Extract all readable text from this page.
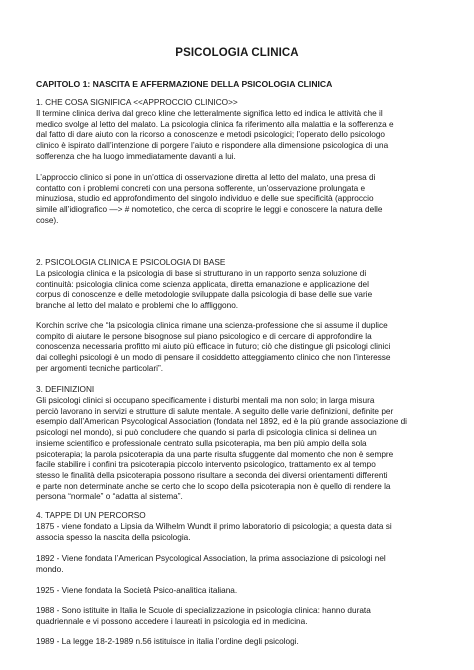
PSICOLOGIA CLINICA
CAPITOLO 1: NASCITA E AFFERMAZIONE DELLA PSICOLOGIA CLINICA
1. CHE COSA SIGNIFICA <<APPROCCIO CLINICO>>
Il termine clinica deriva dal greco kline che letteralmente significa letto ed indica le attività che il
medico svolge al letto del malato. La psicologia clinica fa riferimento alla malattia e la sofferenza e
dal fatto di dare aiuto con la ricorso a conoscenze e metodi psicologici; l’operato dello psicologo
clinico è ispirato dall’intenzione di porgere l’aiuto e rispondere alla dimensione psicologica di una
sofferenza che ha luogo immediatamente davanti a lui.
L’approccio clinico si pone in un’ottica di osservazione diretta al letto del malato, una presa di
contatto con i problemi concreti con una persona sofferente, un’osservazione prolungata e
minuziosa, studio ed approfondimento del singolo individuo e delle sue specificità (approccio
simile all’idiografico —> # nomotetico, che cerca di scoprire le leggi e conoscere la natura delle
cose).
2. PSICOLOGIA CLINICA E PSICOLOGIA DI BASE
La psicologia clinica e la psicologia di base si strutturano in un rapporto senza soluzione di
continuità: psicologia clinica come scienza applicata, diretta emanazione e applicazione del
corpus di conoscenze e delle metodologie sviluppate dalla psicologia di base delle sue varie
branche al letto del malato e problemi che lo affliggono.
Korchin scrive che “la psicologia clinica rimane una scienza-professione che si assume il duplice
compito di aiutare le persone bisognose sul piano psicologico e di cercare di approfondire la
conoscenza necessaria profitto mi aiuto più efficace in futuro; ciò che distingue gli psicologi clinici
dai colleghi psicologi è un modo di pensare il cosiddetto atteggiamento clinico che non l’interesse
per argomenti tecniche particolari”.
3. DEFINIZIONI
Gli psicologi clinici si occupano specificamente i disturbi mentali ma non solo; in larga misura
perciò lavorano in servizi e strutture di salute mentale. A seguito delle varie definizioni, definite per
esempio dall’American Psycological Association (fondata nel 1892, ed è la più grande associazione di
psicologi nel mondo), si può concludere che quando si parla di psicologia clinica si delinea un
insieme scientifico e professionale centrato sulla psicoterapia, ma ben più ampio della sola
psicoterapia; la parola psicoterapia da una parte risulta sfuggente dal momento che non è sempre
facile stabilire i confini tra psicoterapia piccolo intervento psicologico, trattamento ex al tempo
stesso le finalità della psicoterapia possono risultare a seconda dei diversi orientamenti differenti
e parte non determinate anche se certo che lo scopo della psicoterapia non è quello di rendere la
persona “normale” o “adatta al sistema”.
4. TAPPE DI UN PERCORSO
1875 - viene fondato a Lipsia da Wilhelm Wundt il primo laboratorio di psicologia; a questa data si
associa spesso la nascita della psicologia.
1892 - Viene fondata l’American Psycological Association, la prima associazione di psicologi nel
mondo.
1925 - Viene fondata la Società Psico-analitica italiana.
1988 - Sono istituite in Italia le Scuole di specializzazione in psicologia clinica: hanno durata
quadriennale e vi possono accedere i laureati in psicologia ed in medicina.
1989 - La legge 18-2-1989 n.56 istituisce in italia l’ordine degli psicologi.
